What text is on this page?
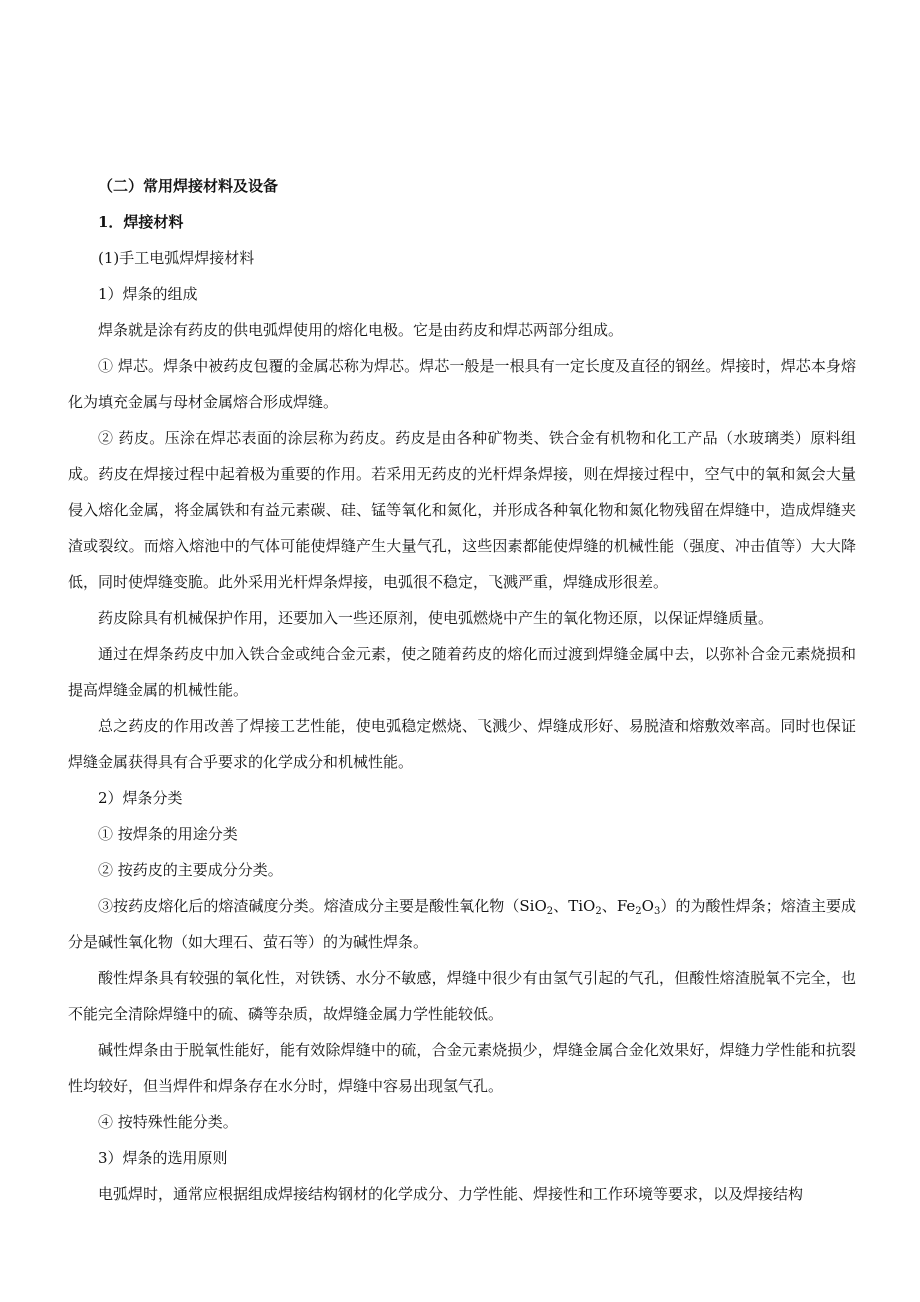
（二）常用焊接材料及设备

1．焊接材料

(1)手工电弧焊焊接材料

1）焊条的组成

焊条就是涂有药皮的供电弧焊使用的熔化电极。它是由药皮和焊芯两部分组成。

① 焊芯。焊条中被药皮包覆的金属芯称为焊芯。焊芯一般是一根具有一定长度及直径的钢丝。焊接时，焊芯本身熔化为填充金属与母材金属熔合形成焊缝。

② 药皮。压涂在焊芯表面的涂层称为药皮。药皮是由各种矿物类、铁合金有机物和化工产品（水玻璃类）原料组成。药皮在焊接过程中起着极为重要的作用。若采用无药皮的光杆焊条焊接，则在焊接过程中，空气中的氧和氮会大量侵入熔化金属，将金属铁和有益元素碳、硅、锰等氧化和氮化，并形成各种氧化物和氮化物残留在焊缝中，造成焊缝夹渣或裂纹。而熔入熔池中的气体可能使焊缝产生大量气孔，这些因素都能使焊缝的机械性能（强度、冲击值等）大大降低，同时使焊缝变脆。此外采用光杆焊条焊接，电弧很不稳定，飞溅严重，焊缝成形很差。

药皮除具有机械保护作用，还要加入一些还原剂，使电弧燃烧中产生的氧化物还原，以保证焊缝质量。

通过在焊条药皮中加入铁合金或纯合金元素，使之随着药皮的熔化而过渡到焊缝金属中去，以弥补合金元素烧损和提高焊缝金属的机械性能。

总之药皮的作用改善了焊接工艺性能，使电弧稳定燃烧、飞溅少、焊缝成形好、易脱渣和熔敷效率高。同时也保证焊缝金属获得具有合乎要求的化学成分和机械性能。

2）焊条分类

① 按焊条的用途分类

② 按药皮的主要成分分类。

③按药皮熔化后的熔渣碱度分类。熔渣成分主要是酸性氧化物（SiO$_2$、TiO$_2$、$Fe_2O_3$）的为酸性焊条；熔渣主要成分是碱性氧化物（如大理石、萤石等）的为碱性焊条。

酸性焊条具有较强的氧化性，对铁锈、水分不敏感，焊缝中很少有由氢气引起的气孔，但酸性熔渣脱氧不完全，也不能完全清除焊缝中的硫、磷等杂质，故焊缝金属力学性能较低。

碱性焊条由于脱氧性能好，能有效除焊缝中的硫，合金元素烧损少，焊缝金属合金化效果好，焊缝力学性能和抗裂性均较好，但当焊件和焊条存在水分时，焊缝中容易出现氢气孔。

④ 按特殊性能分类。

3）焊条的选用原则

电弧焊时，通常应根据组成焊接结构钢材的化学成分、力学性能、焊接性和工作环境等要求，以及焊接结构
